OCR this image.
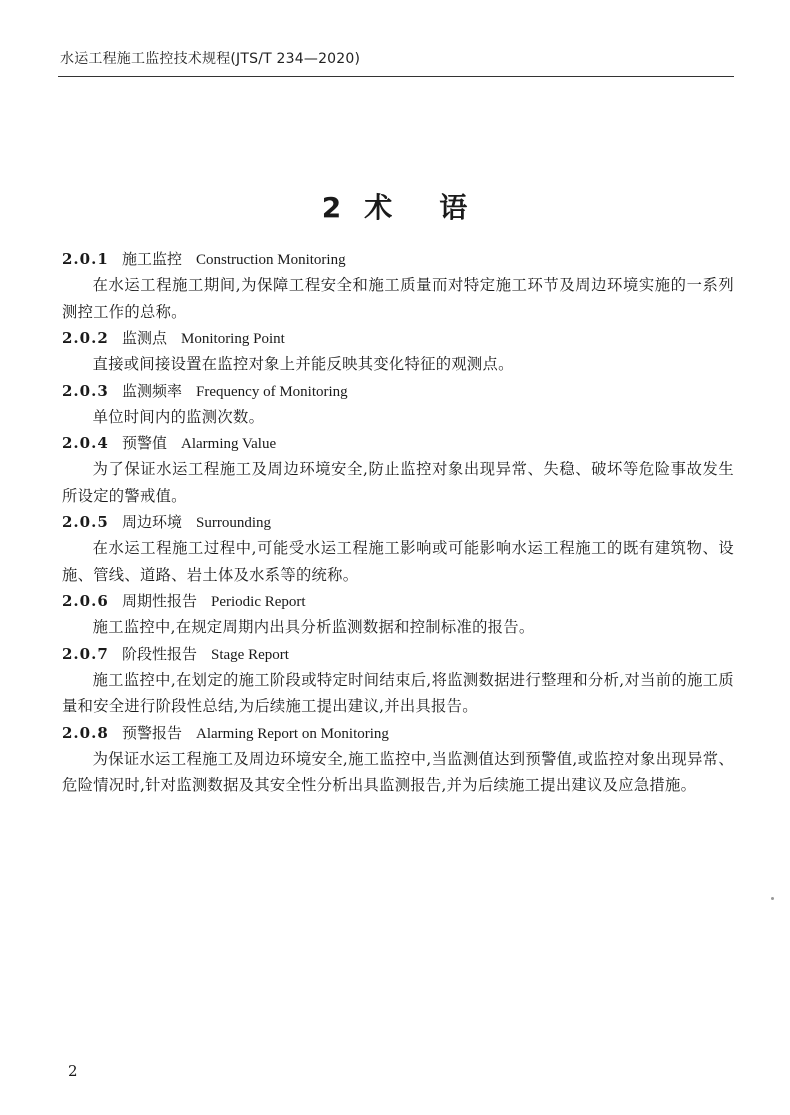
水运工程施工监控技术规程(JTS/T 234—2020)
2 术 语
2.0.1 施工监控 Construction Monitoring

在水运工程施工期间,为保障工程安全和施工质量而对特定施工环节及周边环境实施的一系列测控工作的总称。

2.0.2 监测点 Monitoring Point

直接或间接设置在监控对象上并能反映其变化特征的观测点。

2.0.3 监测频率 Frequency of Monitoring

单位时间内的监测次数。

2.0.4 预警值 Alarming Value

为了保证水运工程施工及周边环境安全,防止监控对象出现异常、失稳、破坏等危险事故发生所设定的警戒值。

2.0.5 周边环境 Surrounding

在水运工程施工过程中,可能受水运工程施工影响或可能影响水运工程施工的既有建筑物、设施、管线、道路、岩土体及水系等的统称。

2.0.6 周期性报告 Periodic Report

施工监控中,在规定周期内出具分析监测数据和控制标准的报告。

2.0.7 阶段性报告 Stage Report

施工监控中,在划定的施工阶段或特定时间结束后,将监测数据进行整理和分析,对当前的施工质量和安全进行阶段性总结,为后续施工提出建议,并出具报告。

2.0.8 预警报告 Alarming Report on Monitoring

为保证水运工程施工及周边环境安全,施工监控中,当监测值达到预警值,或监控对象出现异常、危险情况时,针对监测数据及其安全性分析出具监测报告,并为后续施工提出建议及应急措施。

2
